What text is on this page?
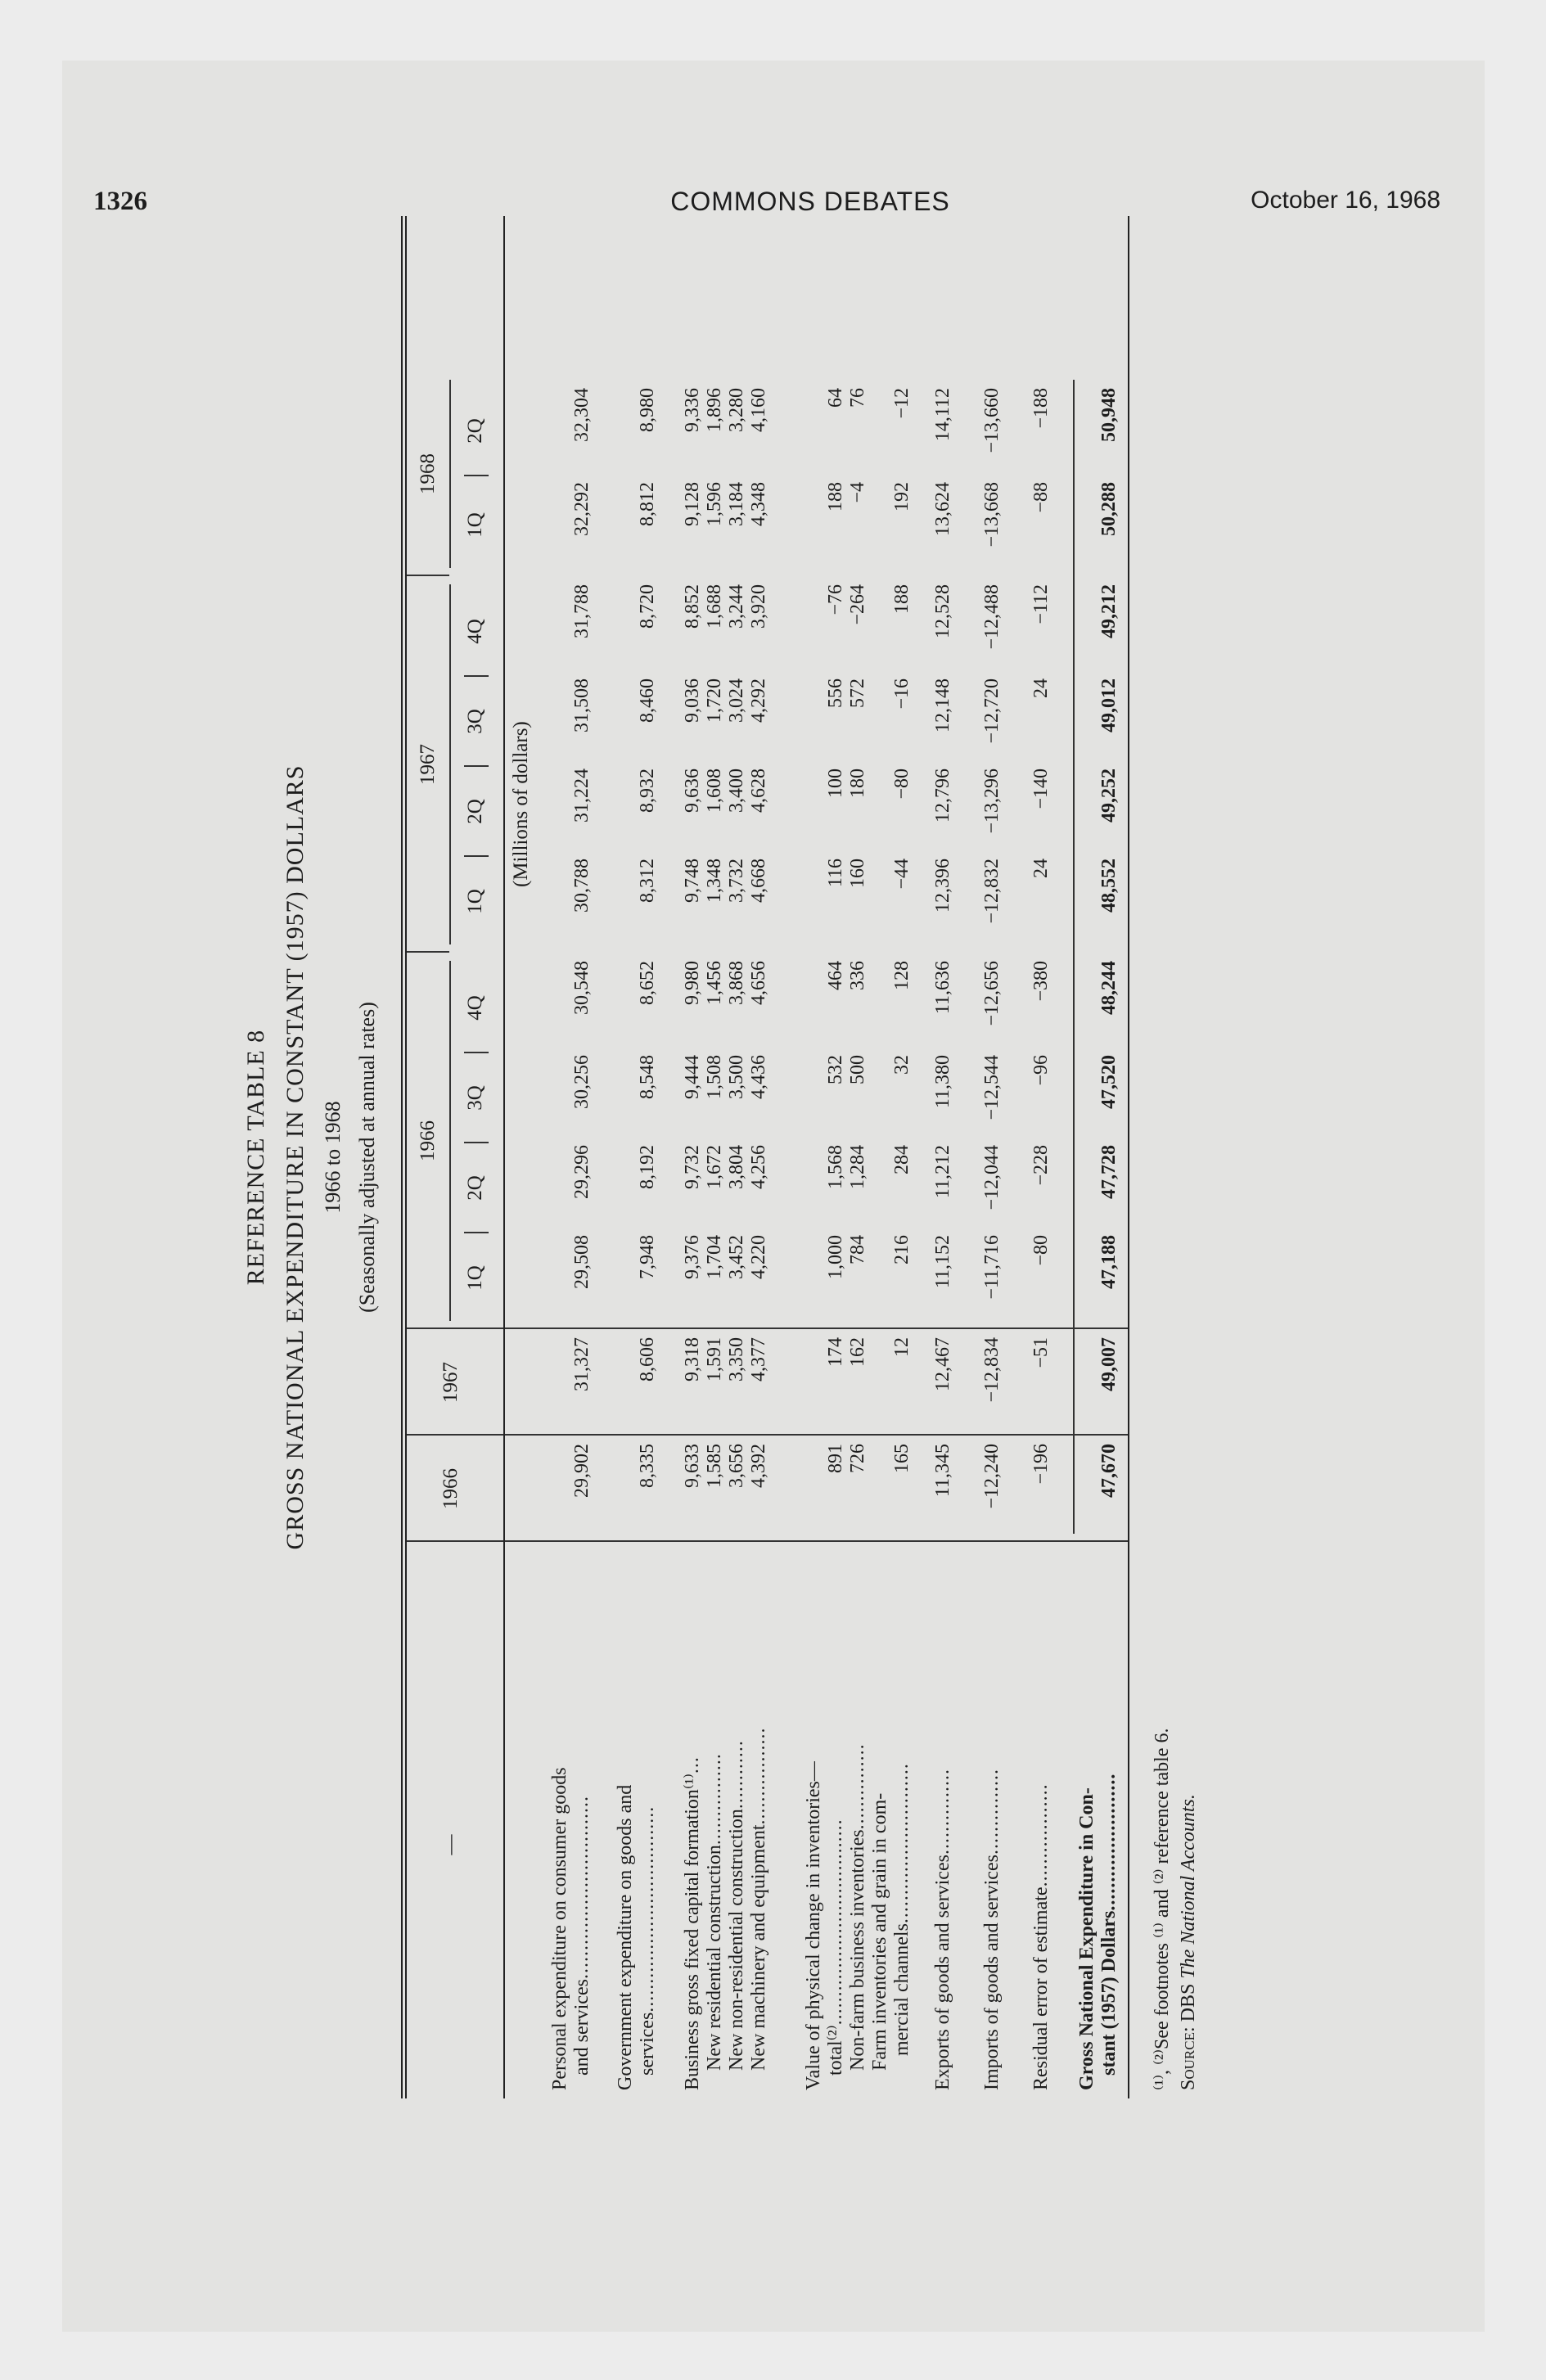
1326	COMMONS DEBATES	October 16, 1968
REFERENCE TABLE 8 GROSS NATIONAL EXPENDITURE IN CONSTANT (1957) DOLLARS 1966 to 1968 (Seasonally adjusted at annual rates)
—
1966
1967
1966
1967
1968
1Q
2Q
3Q
4Q
1Q
2Q
3Q
4Q
1Q
2Q
(Millions of dollars)
Personal expenditure on consumer goods and services................................
29,902
31,327
29,508
29,296
30,256
30,548
30,788
31,224
31,508
31,788
32,292
32,304
Government expenditure on goods and services....................................
8,335
8,606
7,948
8,192
8,548
8,652
8,312
8,932
8,460
8,720
8,812
8,980
Business gross fixed capital formation⁽¹⁾...
9,633
9,318
9,376
9,732
9,444
9,980
9,748
9,636
9,036
8,852
9,128
9,336
New residential construction................
1,585
1,591
1,704
1,672
1,508
1,456
1,348
1,608
1,720
1,688
1,596
1,896
New non-residential construction............
3,656
3,350
3,452
3,804
3,500
3,868
3,732
3,400
3,024
3,244
3,184
3,280
New machinery and equipment.................
4,392
4,377
4,220
4,256
4,436
4,656
4,668
4,628
4,292
3,920
4,348
4,160
Value of physical change in inventories— total⁽²⁾....................................
891
174
1,000
1,568
532
464
116
100
556
−76
188
64
Non-farm business inventories...............
726
162
784
1,284
500
336
160
180
572
−264
−4
76
Farm inventories and grain in com- mercial channels............................
165
12
216
284
32
128
−44
−80
−16
188
192
−12
Exports of goods and services...............
11,345
12,467
11,152
11,212
11,380
11,636
12,396
12,796
12,148
12,528
13,624
14,112
Imports of goods and services...............
−12,240
−12,834
−11,716
−12,044
−12,544
−12,656
−12,832
−13,296
−12,720
−12,488
−13,668
−13,660
Residual error of estimate..................
−196
−51
−80
−228
−96
−380
24
−140
24
−112
−88
−188
Gross National Expenditure in Con- stant (1957) Dollars........................
47,670
49,007
47,188
47,728
47,520
48,244
48,552
49,252
49,012
49,212
50,288
50,948
⁽¹⁾, ⁽²⁾See footnotes ⁽¹⁾ and ⁽²⁾ reference table 6. Source: DBS The National Accounts.
